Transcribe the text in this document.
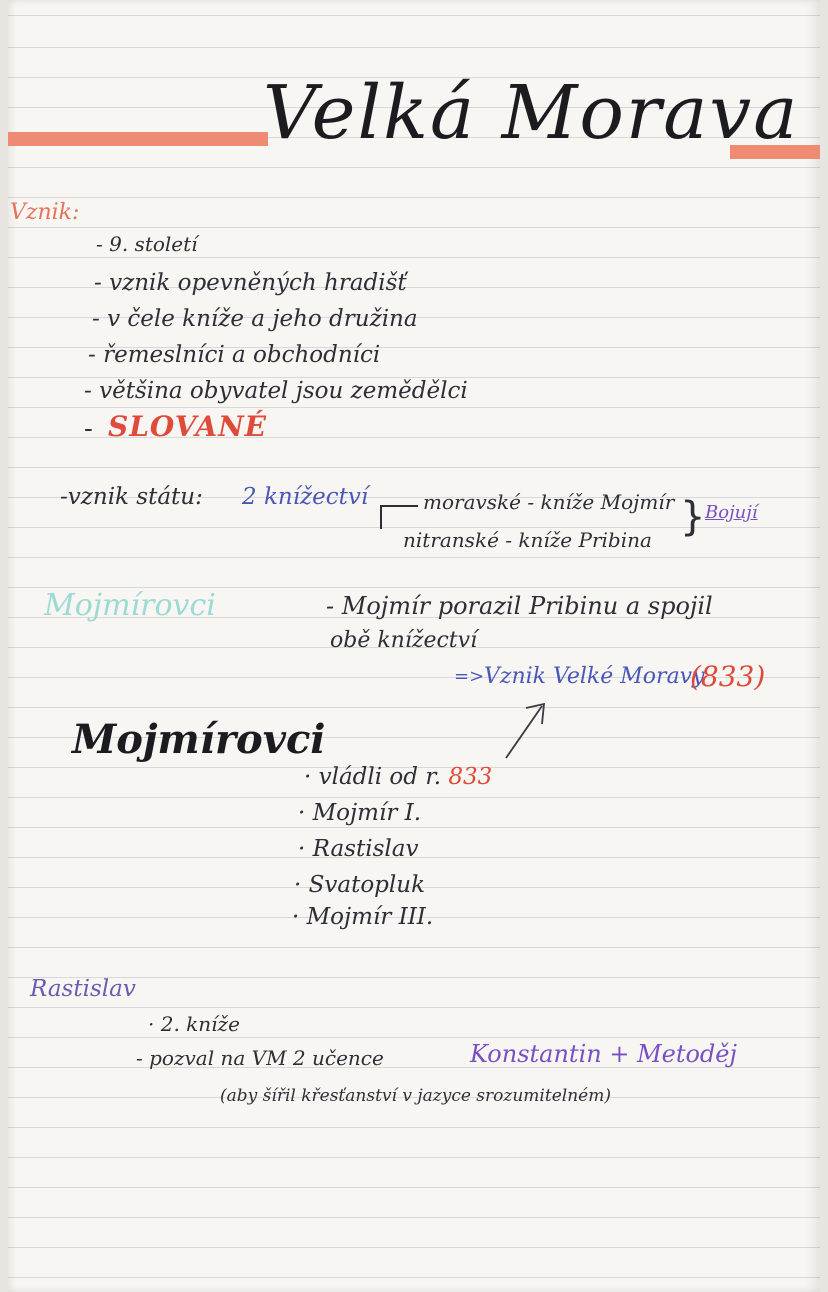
Velká Morava
Vznik:
- 9. století
- vznik opevněných hradišť
- v čele kníže a jeho družina
- řemeslníci a obchodníci
- většina obyvatel jsou zemědělci
- SLOVANÉ
-vznik státu: 2 knížectví	moravské - kníže Mojmír
nitranské - kníže Pribina } Bojují
Mojmírovci	- Mojmír porazil Pribinu a spojil
obě knížectví
=> Vznik Velké Moravy
(833)
Mojmírovci
· vládli od r. 833
· Mojmír I.
· Rastislav
· Svatopluk
· Mojmír III.
Rastislav
· 2. kníže
- pozval na VM 2 učence	Konstantin + Metoděj
(aby šířil křesťanství v jazyce srozumitelném)
